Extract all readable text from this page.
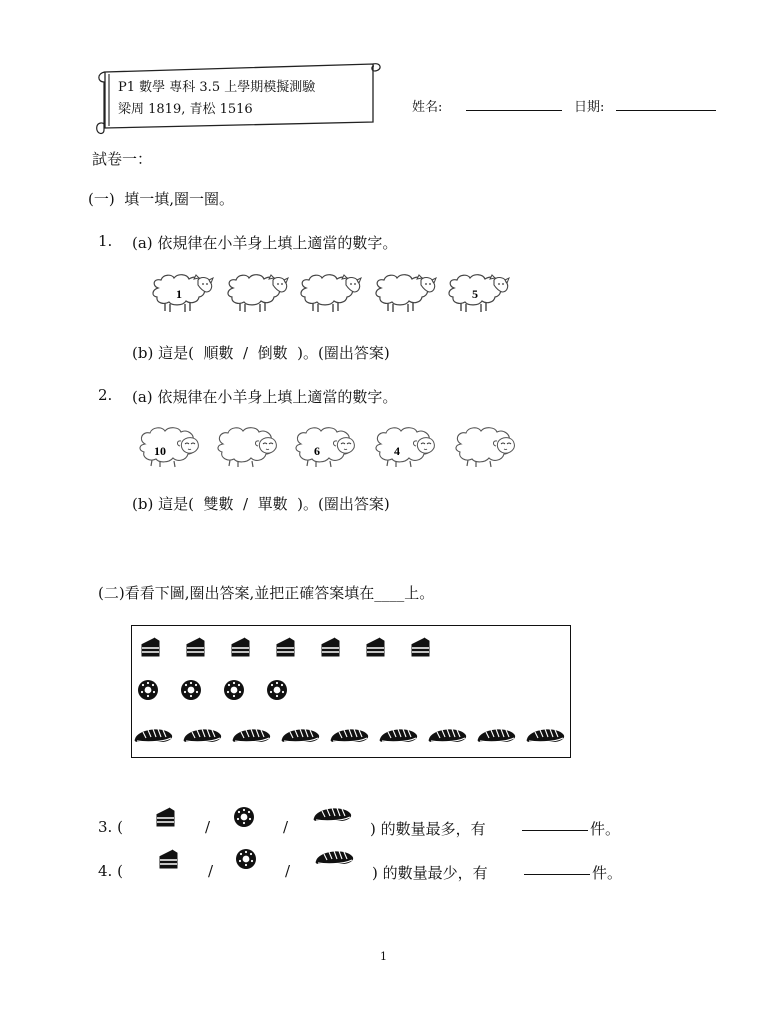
P1 數學 專科 3.5 上學期模擬測驗
梁周 1819, 青松 1516	姓名:	日期:
試卷一：
(一)  填一填,圈一圈。
1. (a) 依規律在小羊身上填上適當的數字。
1	5
(b) 這是(  順數  /  倒數  )。(圈出答案)
2. (a) 依規律在小羊身上填上適當的數字。
10	6	4
(b) 這是(  雙數  /  單數  )。(圈出答案)
(二)看看下圖,圈出答案,並把正確答案填在____上。
3. (	/	/	) 的數量最多，有	件。
4. (	/	/	) 的數量最少，有	件。
1
